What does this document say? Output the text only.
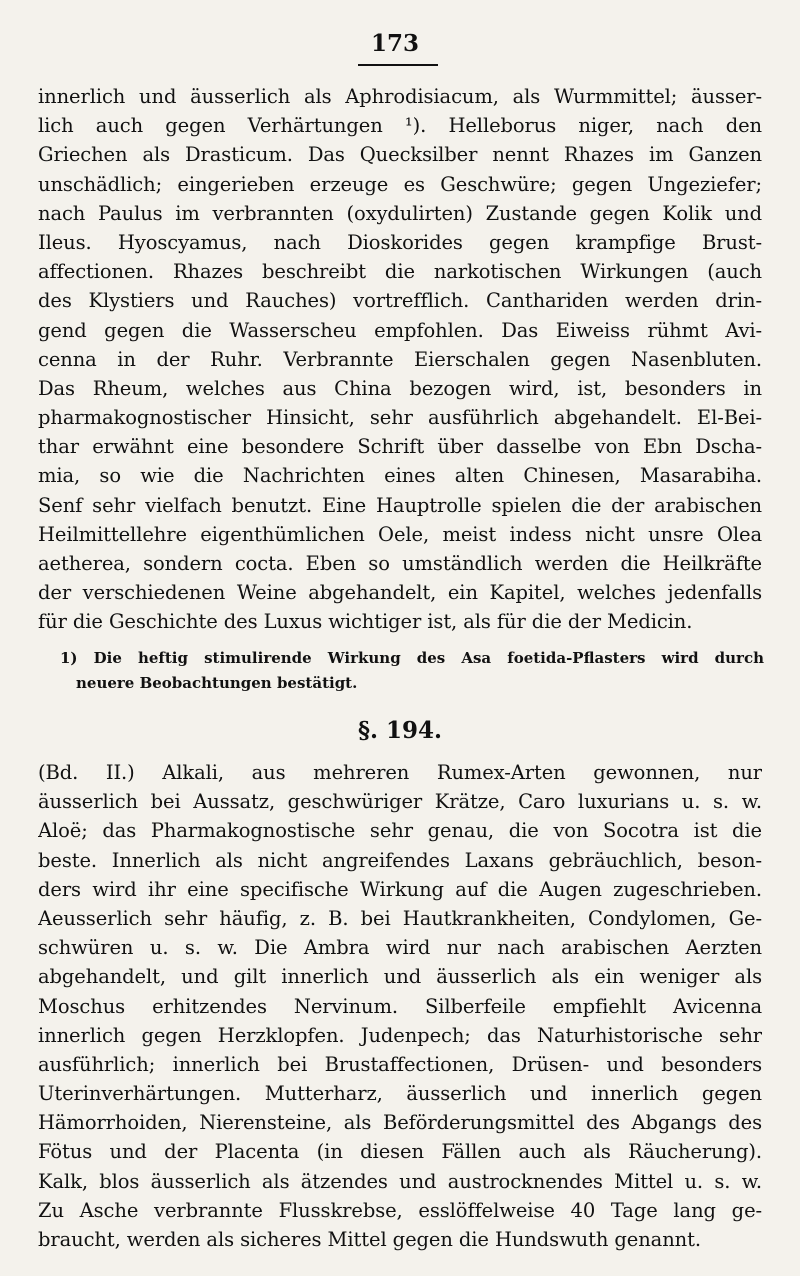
173
innerlich und äusserlich als Aphrodisiacum, als Wurmmittel; äusser-
lich auch gegen Verhärtungen ¹). Helleborus niger, nach den
Griechen als Drasticum. Das Quecksilber nennt Rhazes im Ganzen
unschädlich; eingerieben erzeuge es Geschwüre; gegen Ungeziefer;
nach Paulus im verbrannten (oxydulirten) Zustande gegen Kolik und
Ileus. Hyoscyamus, nach Dioskorides gegen krampfige Brust-
affectionen. Rhazes beschreibt die narkotischen Wirkungen (auch
des Klystiers und Rauches) vortrefflich. Canthariden werden drin-
gend gegen die Wasserscheu empfohlen. Das Eiweiss rühmt Avi-
cenna in der Ruhr. Verbrannte Eierschalen gegen Nasenbluten.
Das Rheum, welches aus China bezogen wird, ist, besonders in
pharmakognostischer Hinsicht, sehr ausführlich abgehandelt. El-Bei-
thar erwähnt eine besondere Schrift über dasselbe von Ebn Dscha-
mia, so wie die Nachrichten eines alten Chinesen, Masarabiha.
Senf sehr vielfach benutzt. Eine Hauptrolle spielen die der arabischen
Heilmittellehre eigenthümlichen Oele, meist indess nicht unsre Olea
aetherea, sondern cocta. Eben so umständlich werden die Heilkräfte
der verschiedenen Weine abgehandelt, ein Kapitel, welches jedenfalls
für die Geschichte des Luxus wichtiger ist, als für die der Medicin.
1) Die heftig stimulirende Wirkung des Asa foetida-Pflasters wird durch
neuere Beobachtungen bestätigt.
§. 194.
(Bd. II.) Alkali, aus mehreren Rumex-Arten gewonnen, nur
äusserlich bei Aussatz, geschwüriger Krätze, Caro luxurians u. s. w.
Aloë; das Pharmakognostische sehr genau, die von Socotra ist die
beste. Innerlich als nicht angreifendes Laxans gebräuchlich, beson-
ders wird ihr eine specifische Wirkung auf die Augen zugeschrieben.
Aeusserlich sehr häufig, z. B. bei Hautkrankheiten, Condylomen, Ge-
schwüren u. s. w. Die Ambra wird nur nach arabischen Aerzten
abgehandelt, und gilt innerlich und äusserlich als ein weniger als
Moschus erhitzendes Nervinum. Silberfeile empfiehlt Avicenna
innerlich gegen Herzklopfen. Judenpech; das Naturhistorische sehr
ausführlich; innerlich bei Brustaffectionen, Drüsen- und besonders
Uterinverhärtungen. Mutterharz, äusserlich und innerlich gegen
Hämorrhoiden, Nierensteine, als Beförderungsmittel des Abgangs des
Fötus und der Placenta (in diesen Fällen auch als Räucherung).
Kalk, blos äusserlich als ätzendes und austrocknendes Mittel u. s. w.
Zu Asche verbrannte Flusskrebse, esslöffelweise 40 Tage lang ge-
braucht, werden als sicheres Mittel gegen die Hundswuth genannt.
